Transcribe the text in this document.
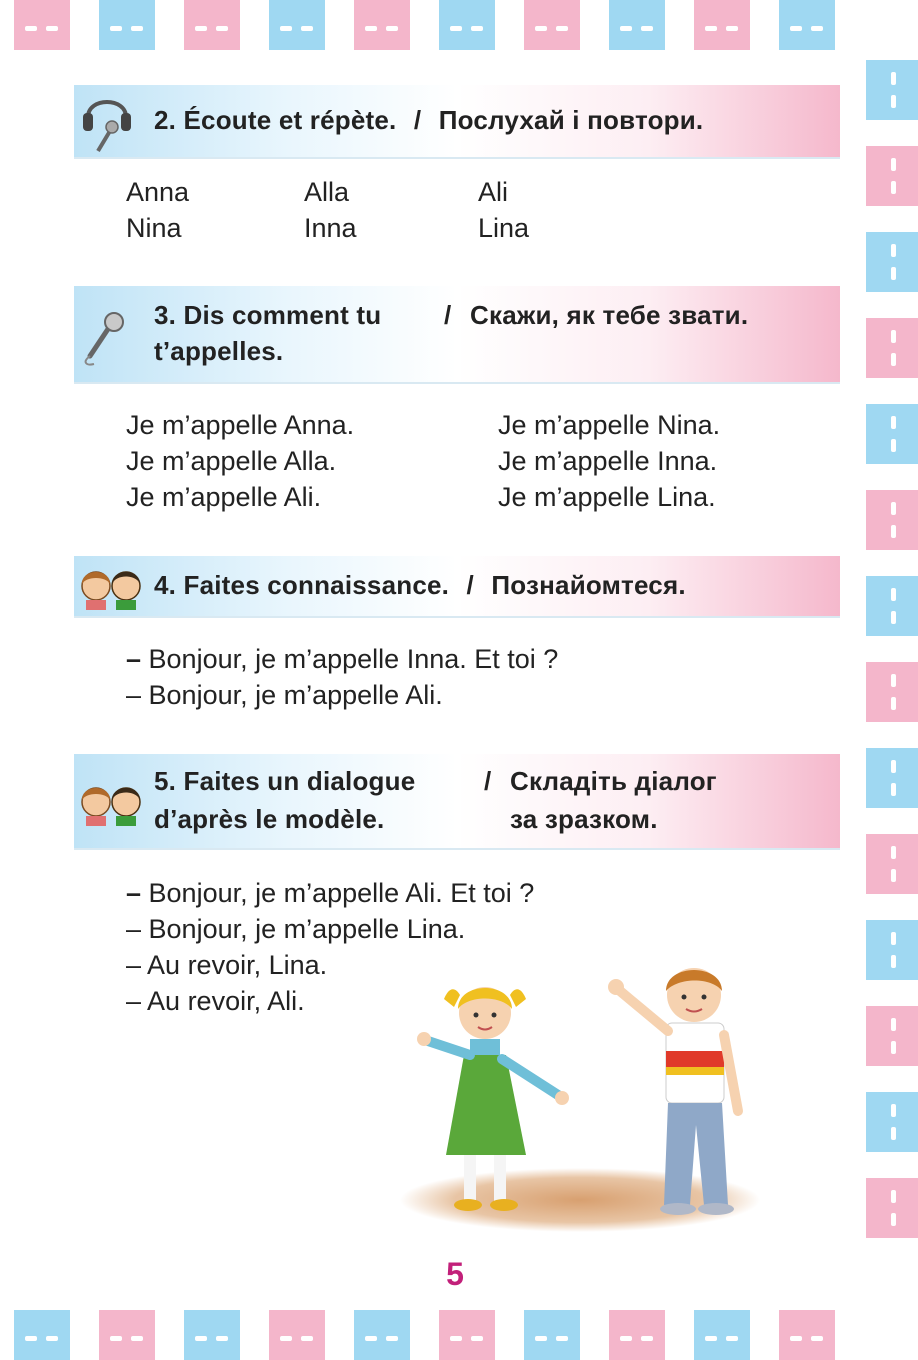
2. Écoute et répète. / Послухай і повтори.
Anna	Alla	Ali
Nina	Inna	Lina
3. Dis comment tu
t’appelles.
/ Скажи, як тебе звати.
Je m’appelle Anna.
Je m’appelle Alla.
Je m’appelle Ali.
Je m’appelle Nina.
Je m’appelle Inna.
Je m’appelle Lina.
4. Faites connaissance. / Познайомтеся.
– Bonjour, je m’appelle Inna. Et toi ?
– Bonjour, je m’appelle Ali.
5. Faites un dialogue
d’après le modèle.
/ Складіть діалог
за зразком.
– Bonjour, je m’appelle Ali. Et toi ?
– Bonjour, je m’appelle Lina.
– Au revoir, Lina.
– Au revoir, Ali.
5
